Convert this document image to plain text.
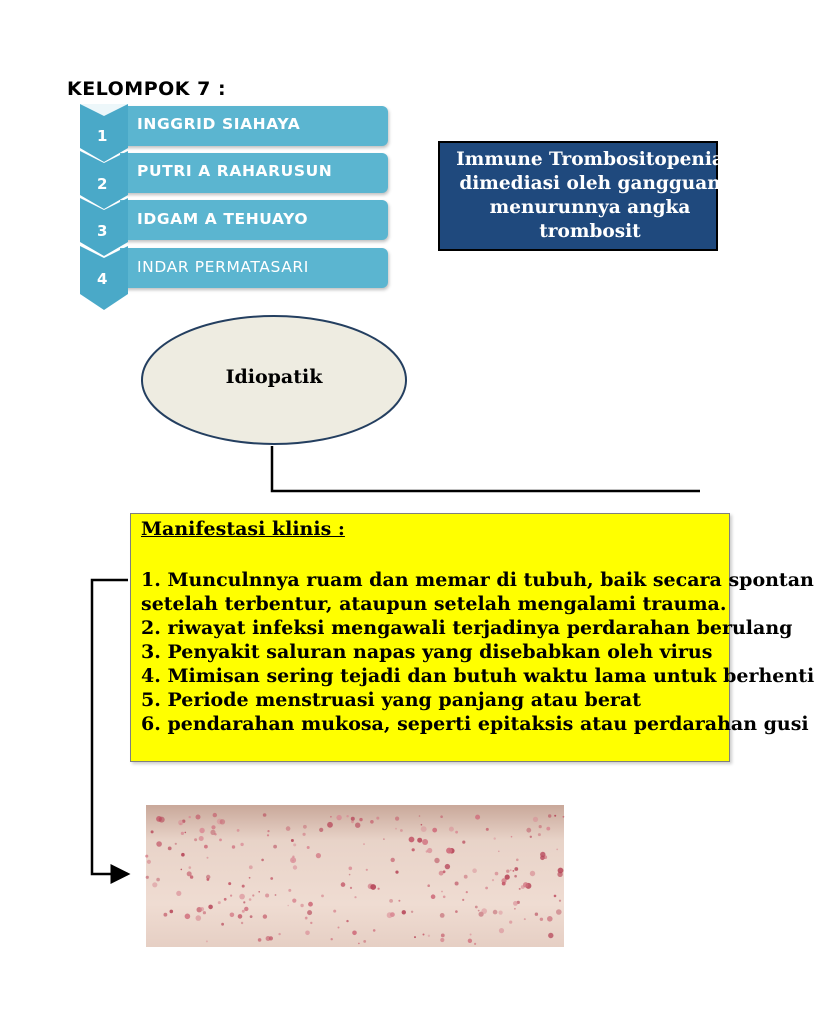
KELOMPOK 7 :
1
INGGRID SIAHAYA
2
PUTRI A RAHARUSUN
3
IDGAM A TEHUAYO
4
INDAR PERMATASARI
Immune Trombositopenia
dimediasi oleh gangguan
menurunnya angka trombosit
Idiopatik
Manifestasi klinis :
1. Munculnnya ruam dan memar di tubuh, baik secara spontan
setelah terbentur, ataupun setelah mengalami trauma.
2. riwayat infeksi mengawali terjadinya perdarahan berulang
3. Penyakit saluran napas yang disebabkan oleh virus
4. Mimisan sering tejadi dan butuh waktu lama untuk berhenti
5. Periode menstruasi yang panjang atau berat
6. pendarahan mukosa, seperti epitaksis atau perdarahan gusi
